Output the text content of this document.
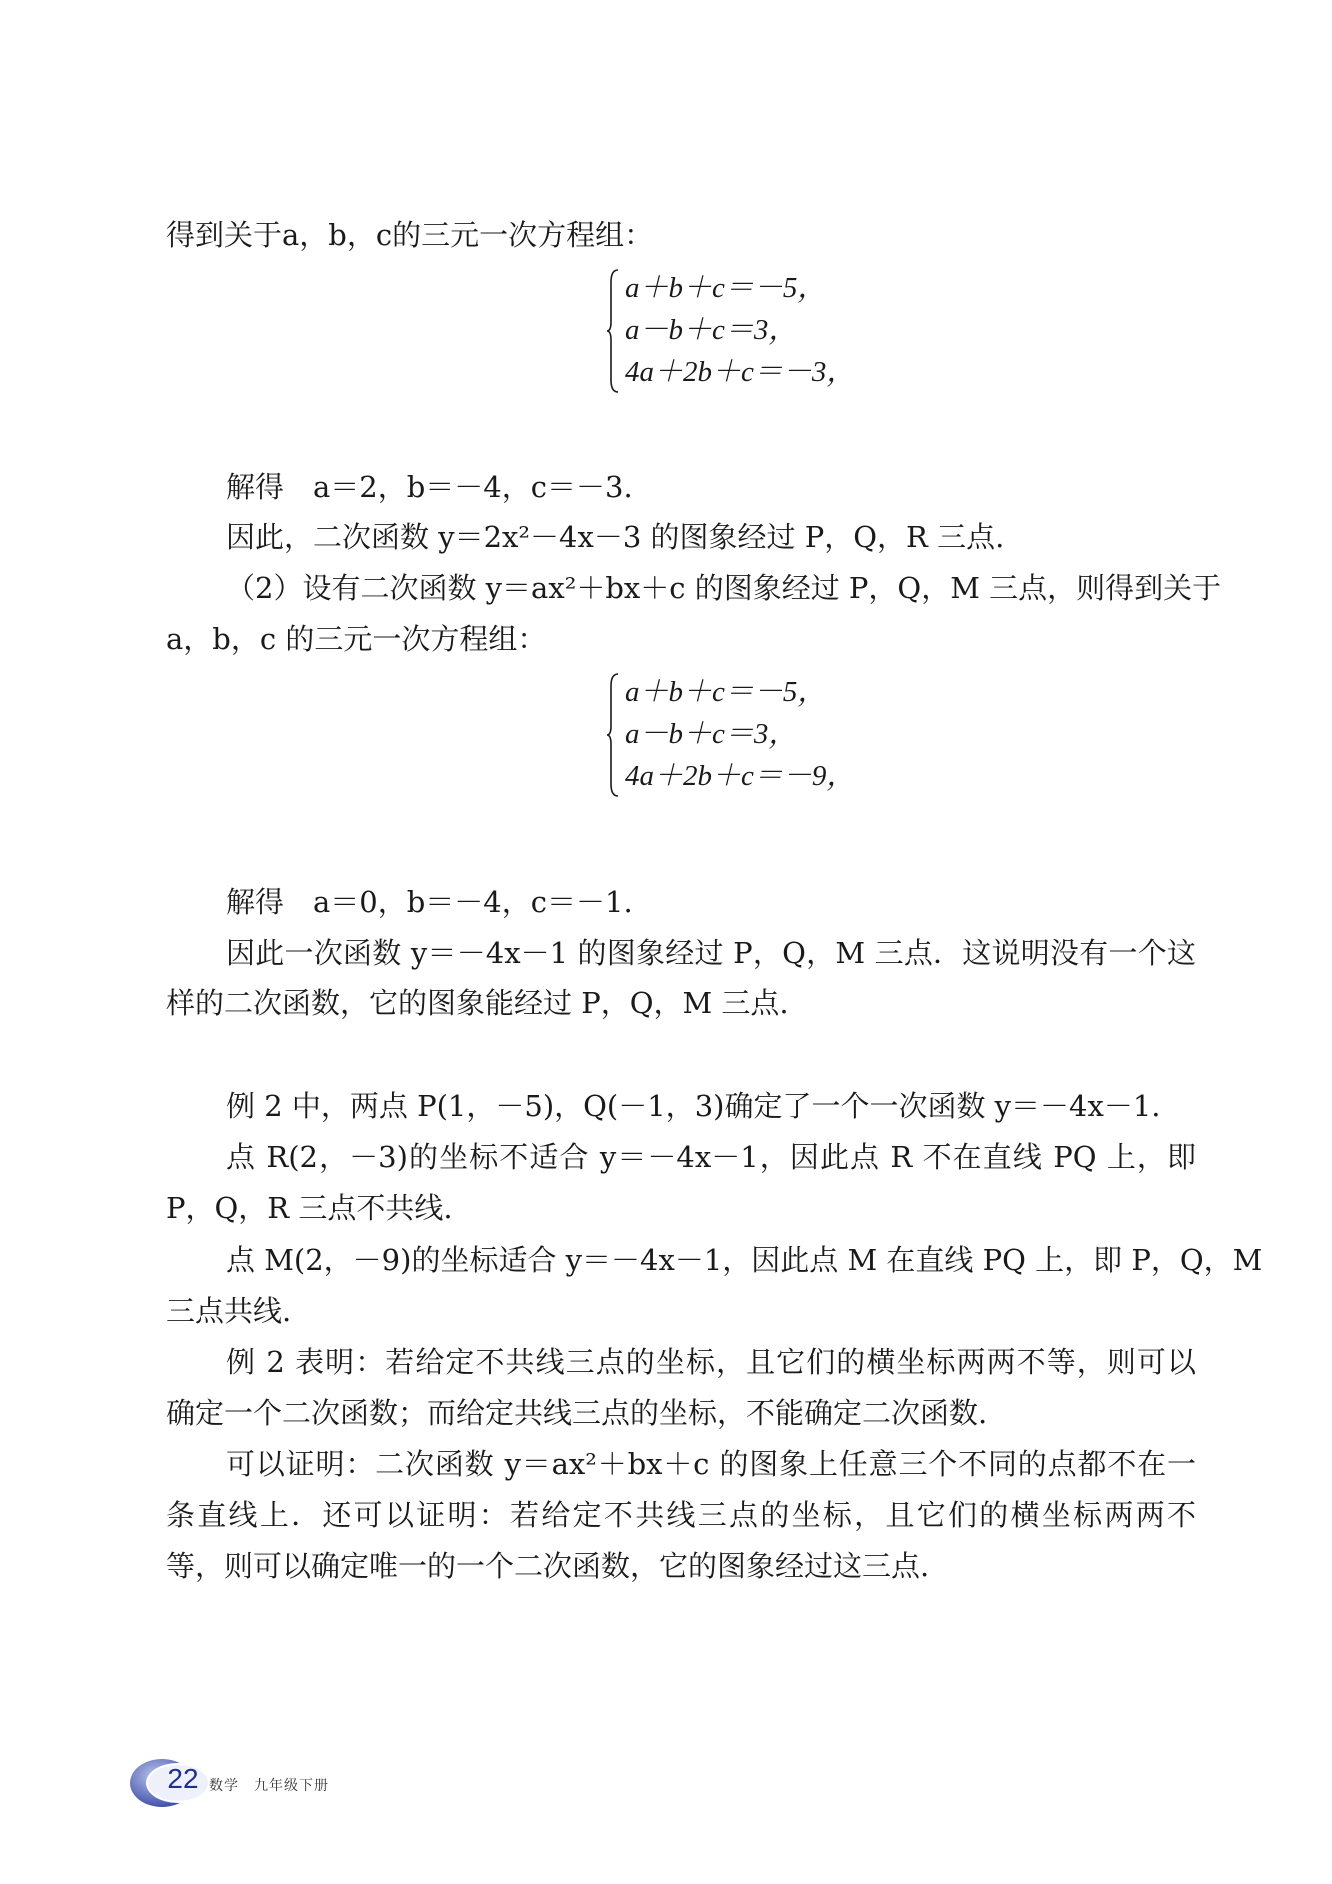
得到关于a，b，c的三元一次方程组：
a＋b＋c＝－5，
a－b＋c＝3，
4a＋2b＋c＝－3，
解得　a＝2，b＝－4，c＝－3.
因此，二次函数 y＝2x²－4x－3 的图象经过 P，Q，R 三点.
（2）设有二次函数 y＝ax²＋bx＋c 的图象经过 P，Q，M 三点，则得到关于
a，b，c 的三元一次方程组：
a＋b＋c＝－5，
a－b＋c＝3，
4a＋2b＋c＝－9，
解得　a＝0，b＝－4，c＝－1.
因此一次函数 y＝－4x－1 的图象经过 P，Q，M 三点．这说明没有一个这
样的二次函数，它的图象能经过 P，Q，M 三点.
例 2 中，两点 P(1，－5)，Q(－1，3)确定了一个一次函数 y＝－4x－1.
点 R(2，－3)的坐标不适合 y＝－4x－1，因此点 R 不在直线 PQ 上，即
P，Q，R 三点不共线.
点 M(2，－9)的坐标适合 y＝－4x－1，因此点 M 在直线 PQ 上，即 P，Q，M
三点共线.
例 2 表明：若给定不共线三点的坐标，且它们的横坐标两两不等，则可以
确定一个二次函数；而给定共线三点的坐标，不能确定二次函数.
可以证明：二次函数 y＝ax²＋bx＋c 的图象上任意三个不同的点都不在一
条直线上．还可以证明：若给定不共线三点的坐标，且它们的横坐标两两不
等，则可以确定唯一的一个二次函数，它的图象经过这三点.
22 数学　九年级下册
